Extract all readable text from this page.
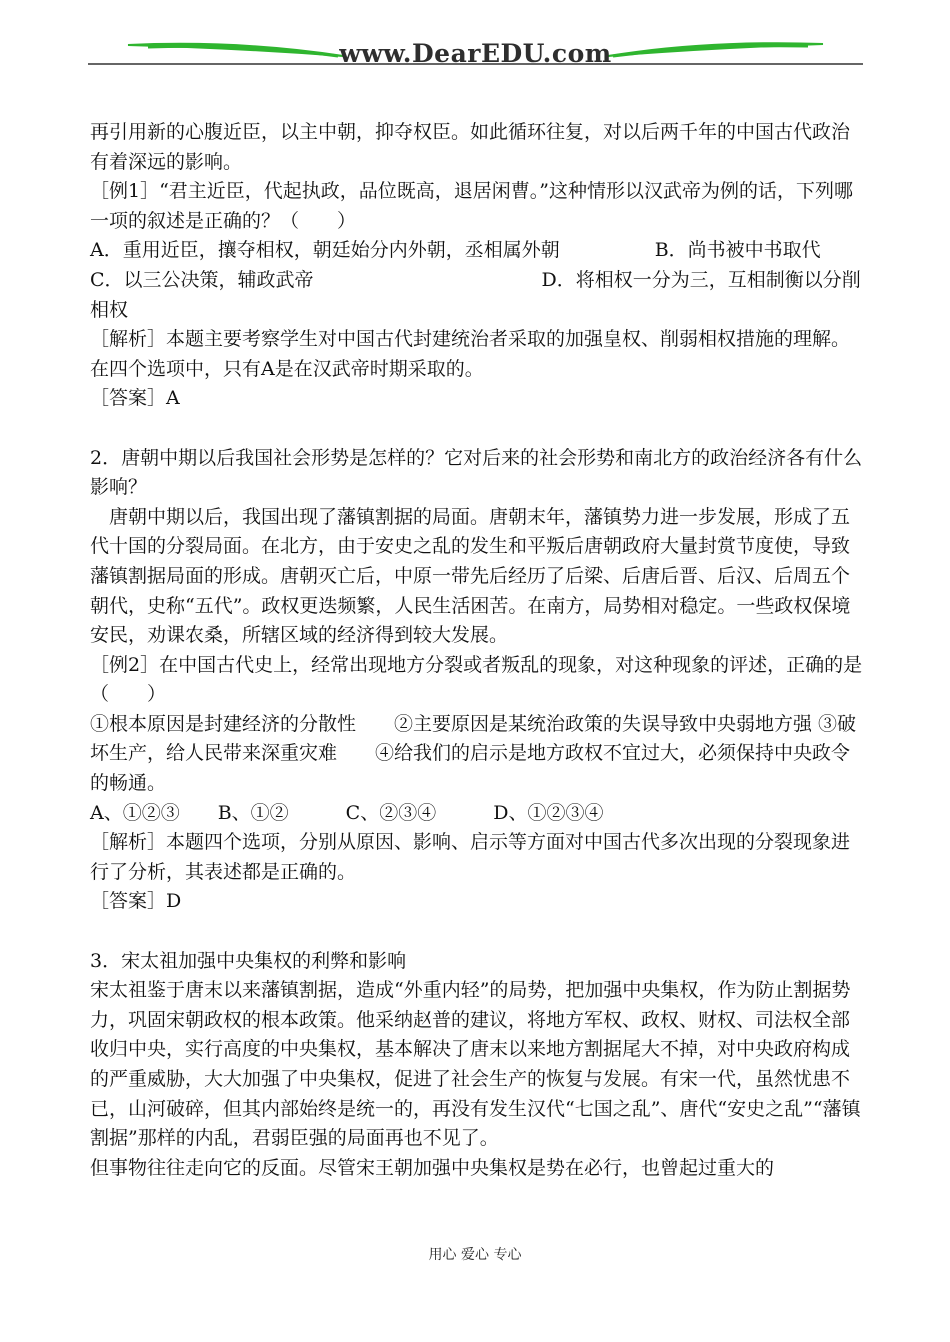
www.DearEDU.com

再引用新的心腹近臣，以主中朝，抑夺权臣。如此循环往复，对以后两千年的中国古代政治有着深远的影响。

［例1］“君主近臣，代起执政，品位既高，退居闲曹。”这种情形以汉武帝为例的话，下列哪一项的叙述是正确的？（　　）

A．重用近臣，攘夺相权，朝廷始分内外朝，丞相属外朝　　　　　B．尚书被中书取代

C．以三公决策，辅政武帝　　　　　　　　　　　　D．将相权一分为三，互相制衡以分削相权

［解析］本题主要考察学生对中国古代封建统治者采取的加强皇权、削弱相权措施的理解。在四个选项中，只有A是在汉武帝时期采取的。

［答案］A

2．唐朝中期以后我国社会形势是怎样的？它对后来的社会形势和南北方的政治经济各有什么影响？

　唐朝中期以后，我国出现了藩镇割据的局面。唐朝末年，藩镇势力进一步发展，形成了五代十国的分裂局面。在北方，由于安史之乱的发生和平叛后唐朝政府大量封赏节度使，导致藩镇割据局面的形成。唐朝灭亡后，中原一带先后经历了后梁、后唐后晋、后汉、后周五个朝代，史称“五代”。政权更迭频繁，人民生活困苦。在南方，局势相对稳定。一些政权保境安民，劝课农桑，所辖区域的经济得到较大发展。

［例2］在中国古代史上，经常出现地方分裂或者叛乱的现象，对这种现象的评述，正确的是（　　）

①根本原因是封建经济的分散性　　②主要原因是某统治政策的失误导致中央弱地方强 ③破坏生产，给人民带来深重灾难　　④给我们的启示是地方政权不宜过大，必须保持中央政令的畅通。

A、①②③　　B、①②　　　C、②③④　　　D、①②③④

［解析］本题四个选项，分别从原因、影响、启示等方面对中国古代多次出现的分裂现象进行了分析，其表述都是正确的。

［答案］D

3．宋太祖加强中央集权的利弊和影响

宋太祖鉴于唐末以来藩镇割据，造成“外重内轻”的局势，把加强中央集权，作为防止割据势力，巩固宋朝政权的根本政策。他采纳赵普的建议，将地方军权、政权、财权、司法权全部收归中央，实行高度的中央集权，基本解决了唐末以来地方割据尾大不掉，对中央政府构成的严重威胁，大大加强了中央集权，促进了社会生产的恢复与发展。有宋一代，虽然忧患不已，山河破碎，但其内部始终是统一的，再没有发生汉代“七国之乱”、唐代“安史之乱”“藩镇割据”那样的内乱，君弱臣强的局面再也不见了。

但事物往往走向它的反面。尽管宋王朝加强中央集权是势在必行，也曾起过重大的

用心 爱心 专心
